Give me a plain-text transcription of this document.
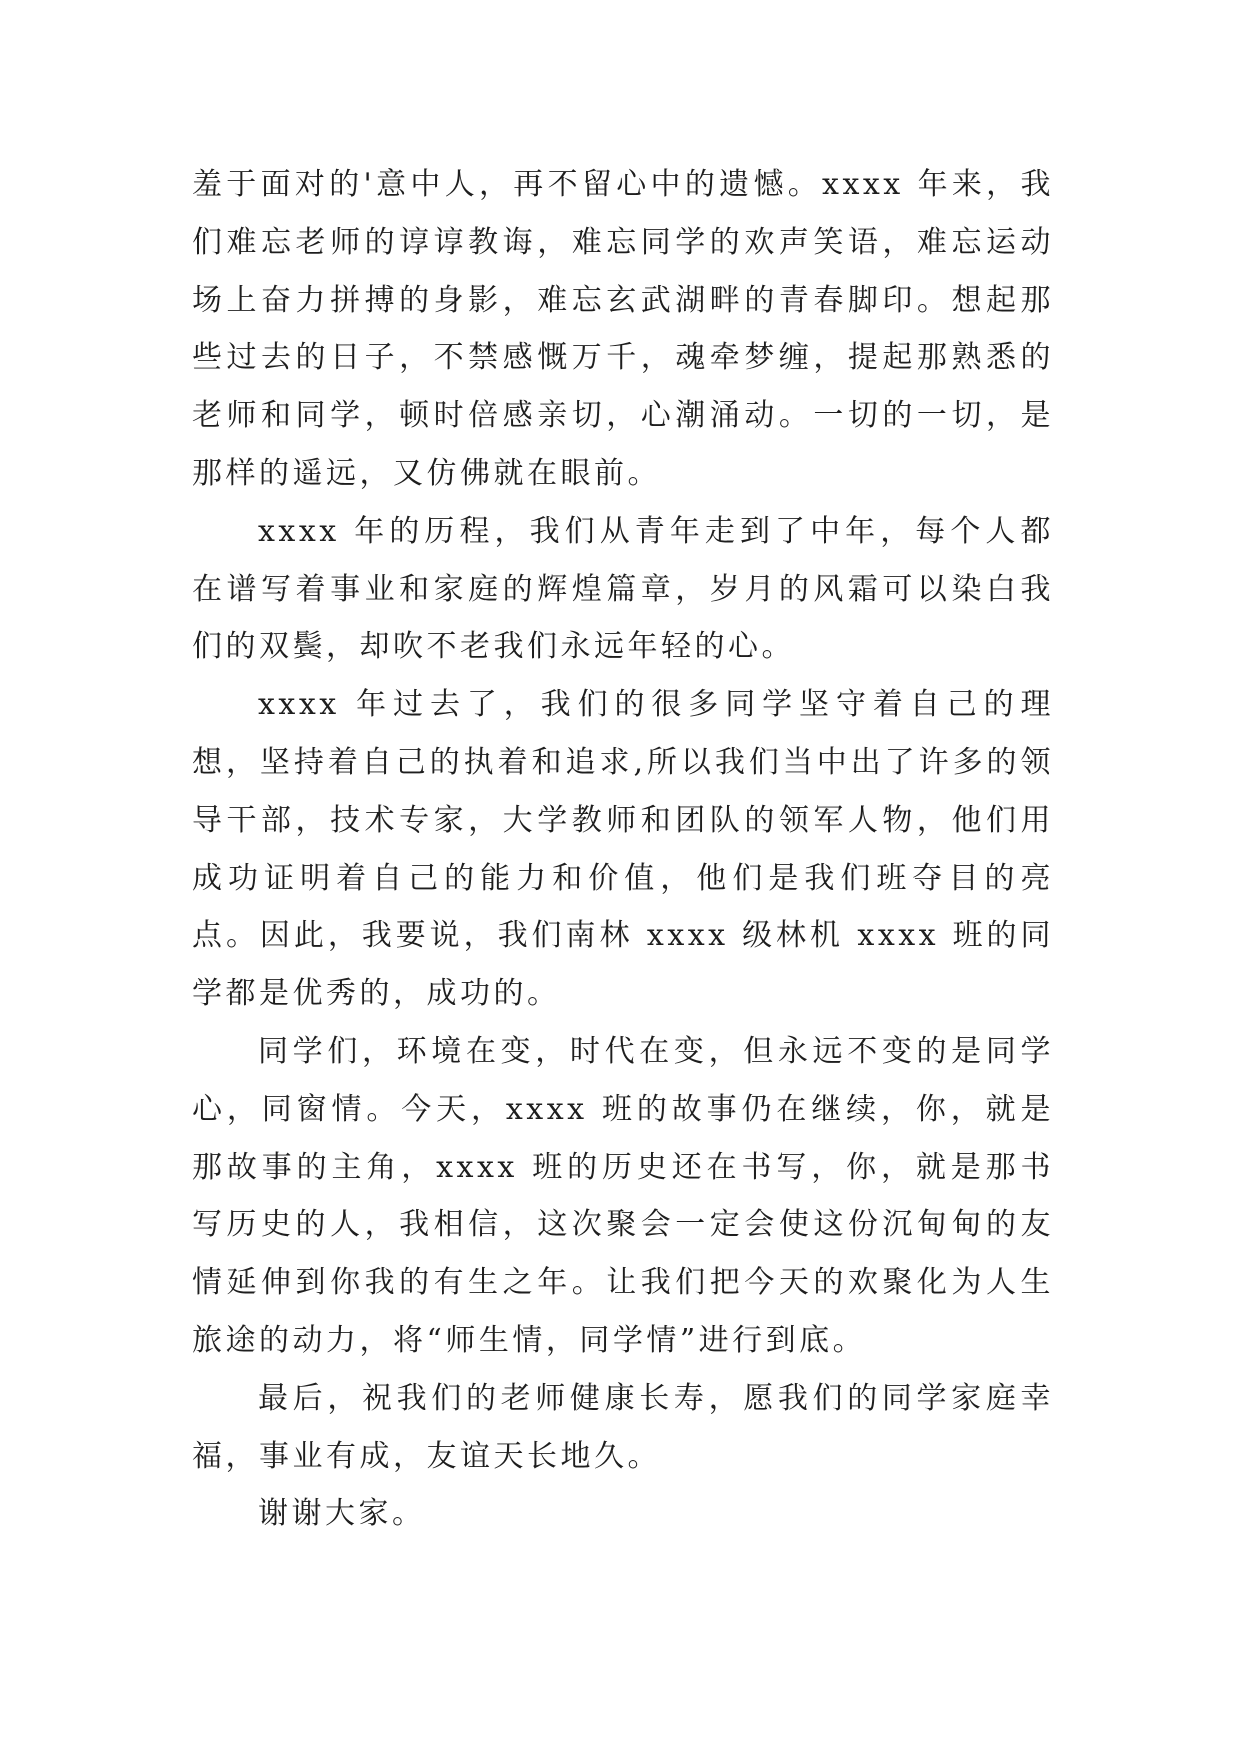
羞于面对的'意中人，再不留心中的遗憾。xxxx 年来，我们难忘老师的谆谆教诲，难忘同学的欢声笑语，难忘运动场上奋力拼搏的身影，难忘玄武湖畔的青春脚印。想起那些过去的日子，不禁感慨万千，魂牵梦缠，提起那熟悉的老师和同学，顿时倍感亲切，心潮涌动。一切的一切，是那样的遥远，又仿佛就在眼前。

xxxx 年的历程，我们从青年走到了中年，每个人都在谱写着事业和家庭的辉煌篇章，岁月的风霜可以染白我们的双鬓，却吹不老我们永远年轻的心。

xxxx 年过去了，我们的很多同学坚守着自己的理想，坚持着自己的执着和追求,所以我们当中出了许多的领导干部，技术专家，大学教师和团队的领军人物，他们用成功证明着自己的能力和价值，他们是我们班夺目的亮点。因此，我要说，我们南林 xxxx 级林机 xxxx 班的同学都是优秀的，成功的。

同学们，环境在变，时代在变，但永远不变的是同学心，同窗情。今天，xxxx 班的故事仍在继续，你，就是那故事的主角，xxxx 班的历史还在书写，你，就是那书写历史的人，我相信，这次聚会一定会使这份沉甸甸的友情延伸到你我的有生之年。让我们把今天的欢聚化为人生旅途的动力，将“师生情，同学情”进行到底。

最后，祝我们的老师健康长寿，愿我们的同学家庭幸福，事业有成，友谊天长地久。

谢谢大家。
